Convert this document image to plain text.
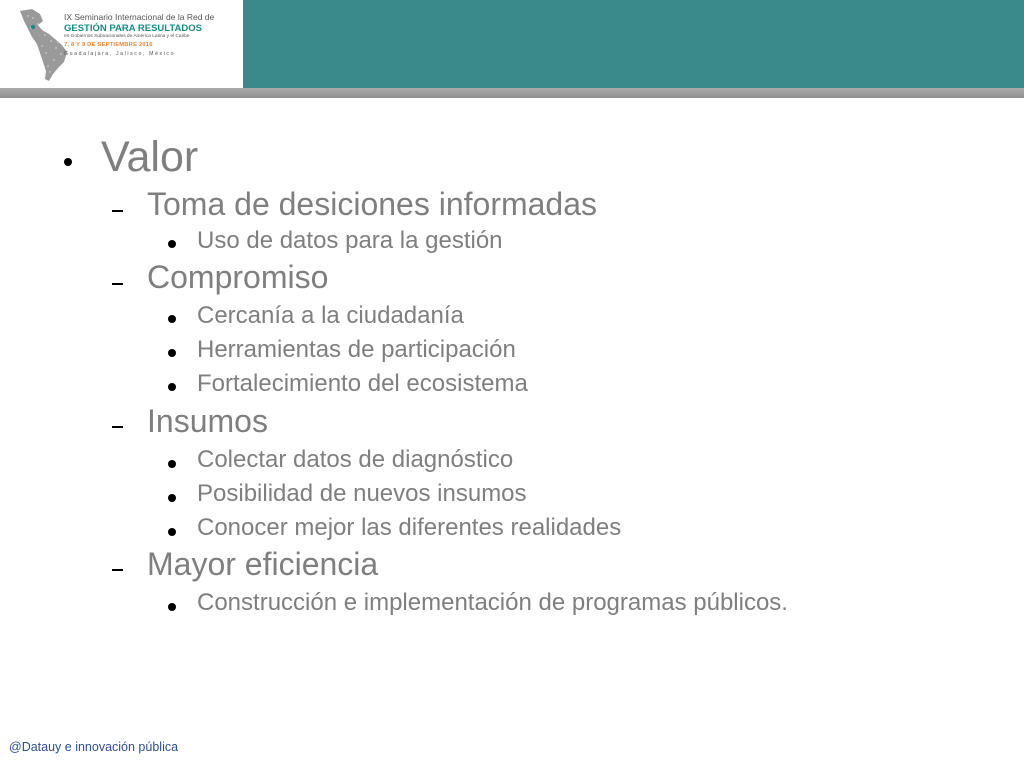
IX Seminario Internacional de la Red de
GESTIÓN PARA RESULTADOS
en Gobiernos Subnacionales de América Latina y el Caribe
7, 8 Y 9 DE SEPTIEMBRE 2016
Guadalajara, Jalisco, México
Valor
Toma de desiciones informadas
Uso de datos para la gestión
Compromiso
Cercanía a la ciudadanía
Herramientas de participación
Fortalecimiento del ecosistema
Insumos
Colectar datos de diagnóstico
Posibilidad de nuevos insumos
Conocer mejor las diferentes realidades
Mayor eficiencia
Construcción e implementación de programas públicos.
@Datauy e innovación pública
